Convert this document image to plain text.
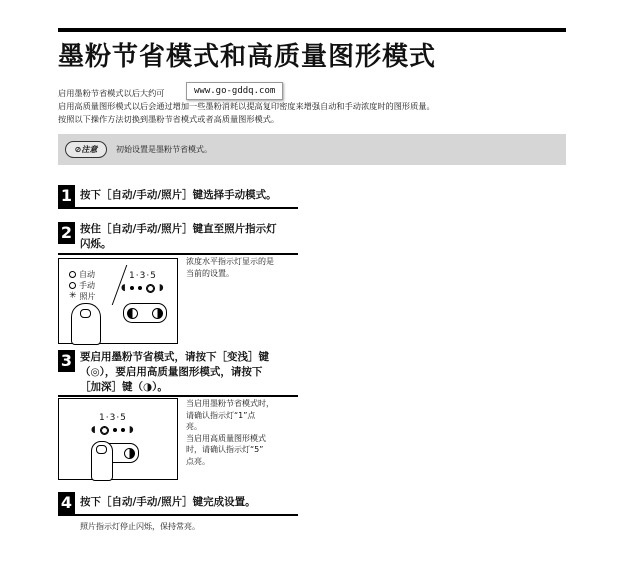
墨粉节省模式和高质量图形模式

启用墨粉节省模式以后大约可

启用高质量图形模式以后会通过增加一些墨粉消耗以提高复印密度来增强自动和手动浓度时的图形质量。

按照以下操作方法切换到墨粉节省模式或者高质量图形模式。

www.go-gddq.com
⊘注意	初始设置是墨粉节省模式。
1 按下［自动/手动/照片］键选择手动模式。
2 按住［自动/手动/照片］键直至照片指示灯
闪烁。
自动
手动
✳ 照片
1·3·5
◖	◗
浓度水平指示灯显示的是
当前的设置。
3 要启用墨粉节省模式，请按下［变浅］键
（◎），要启用高质量图形模式，请按下
［加深］键（◑）。
1·3·5
◖	◗
当启用墨粉节省模式时，
请确认指示灯“1”点
亮。
当启用高质量图形模式
时，请确认指示灯“5”
点亮。
4 按下［自动/手动/照片］键完成设置。
照片指示灯停止闪烁，保持常亮。
